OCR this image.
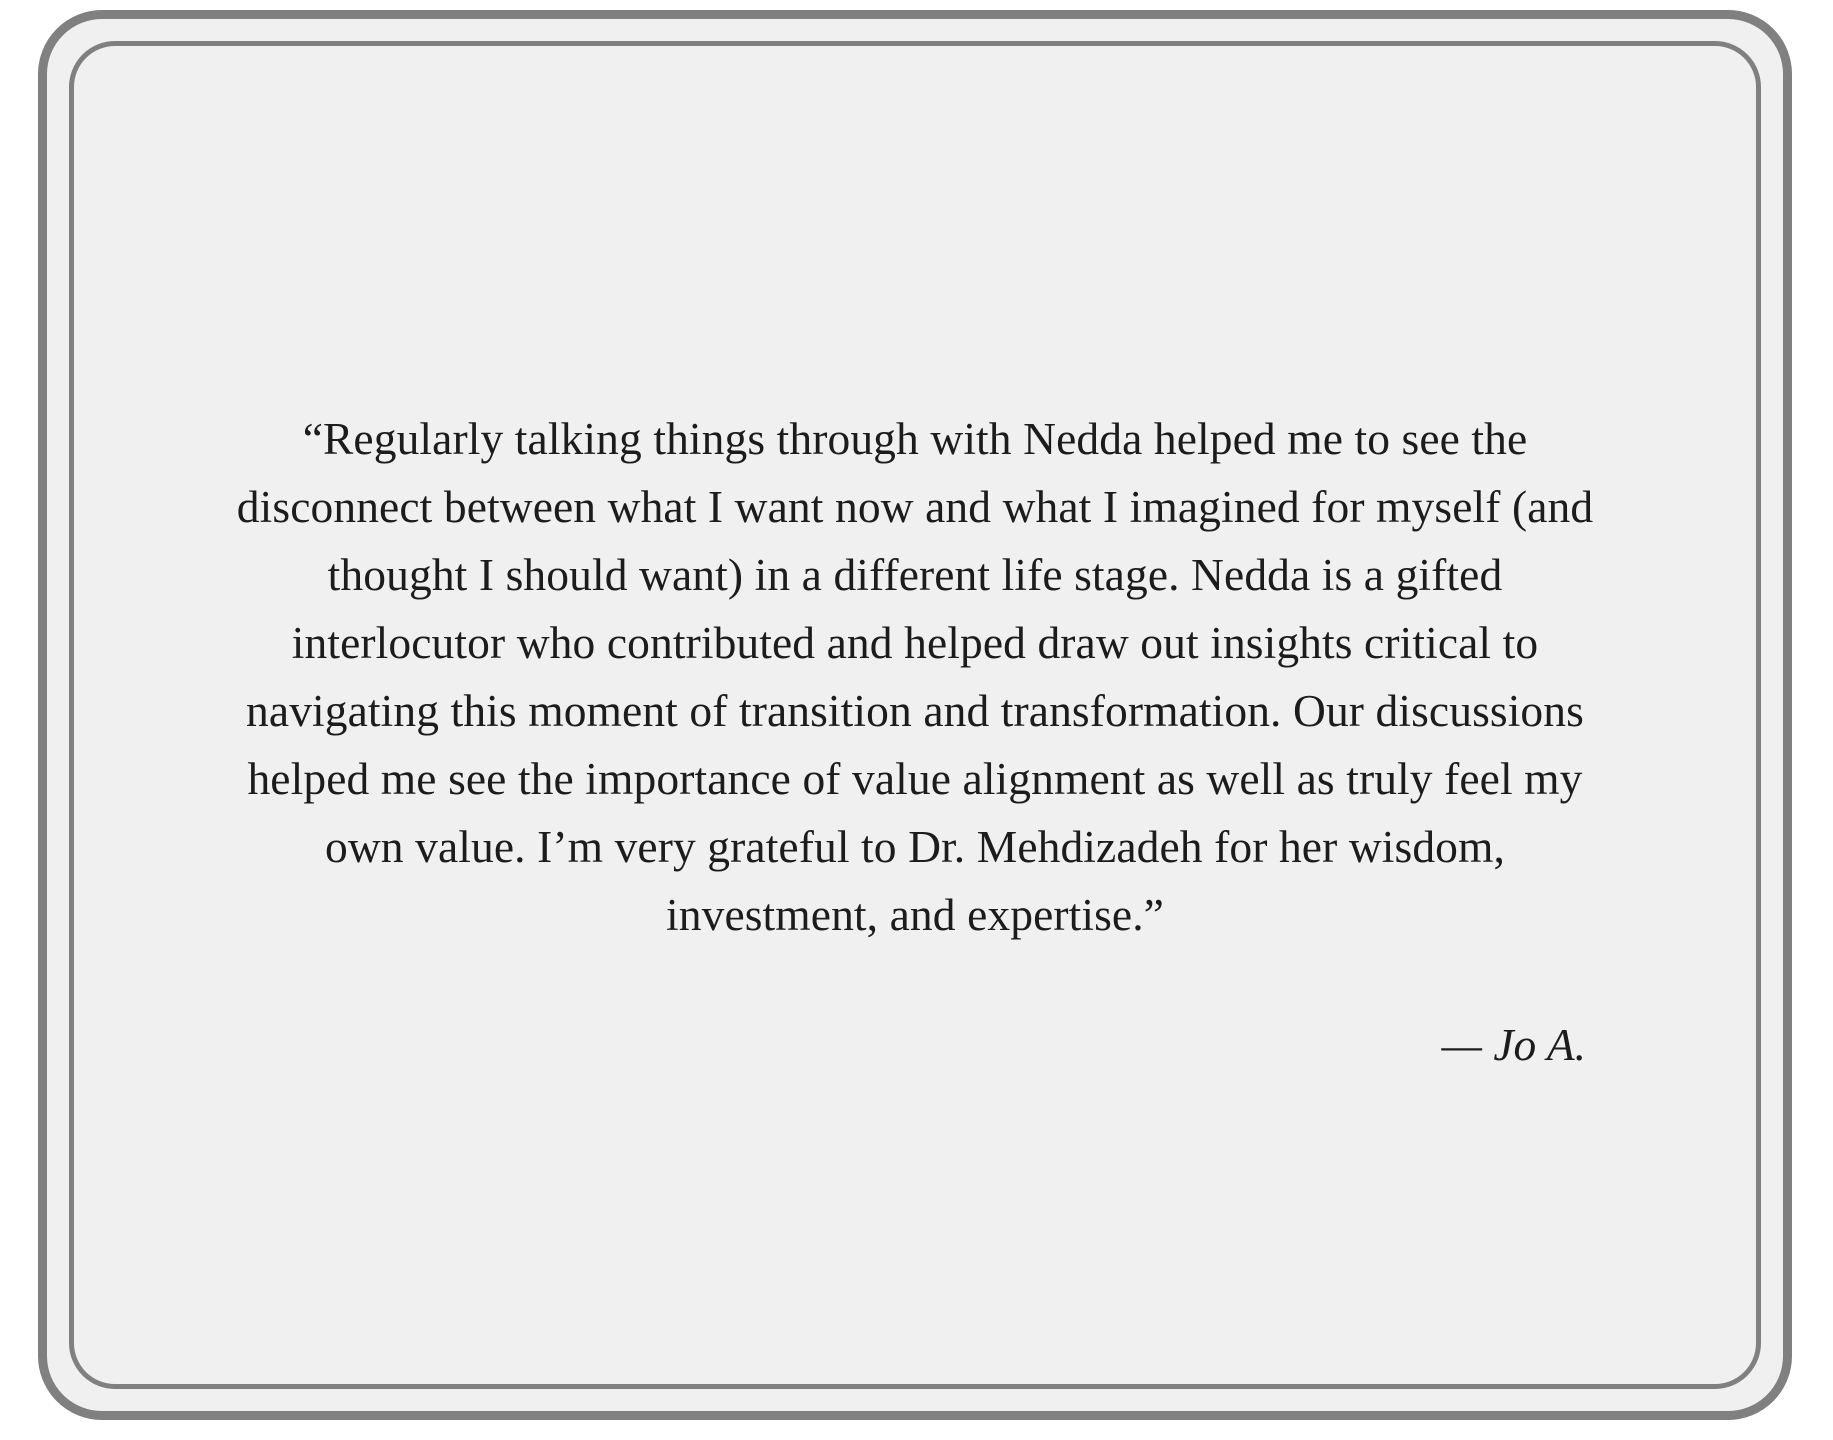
“Regularly talking things through with Nedda helped me to see the disconnect between what I want now and what I imagined for myself (and thought I should want) in a different life stage. Nedda is a gifted interlocutor who contributed and helped draw out insights critical to navigating this moment of transition and transformation. Our discussions helped me see the importance of value alignment as well as truly feel my own value. I’m very grateful to Dr. Mehdizadeh for her wisdom, investment, and expertise.”

— Jo A.
